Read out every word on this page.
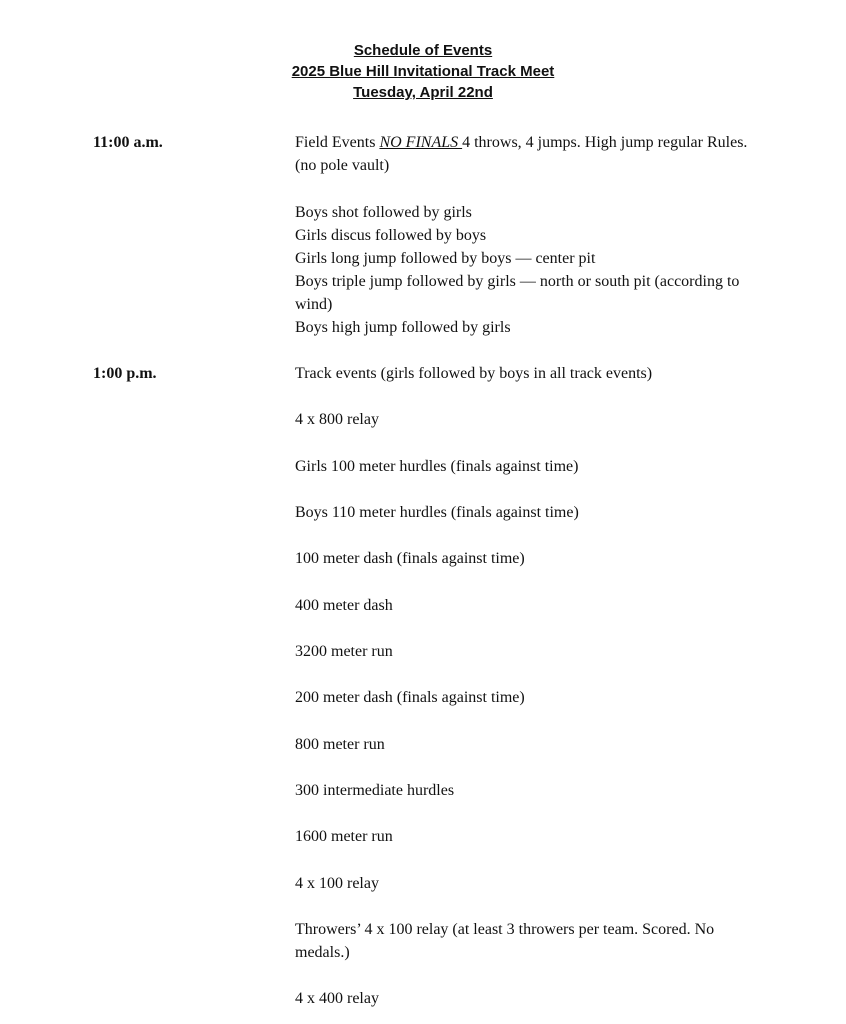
Schedule of Events
2025 Blue Hill Invitational Track Meet
Tuesday, April 22nd
11:00 a.m.	Field Events NO FINALS 4 throws, 4 jumps. High jump regular Rules. (no pole vault)

Boys shot followed by girls

Girls discus followed by boys

Girls long jump followed by boys — center pit

Boys triple jump followed by girls — north or south pit (according to wind)

Boys high jump followed by girls

1:00 p.m.	Track events (girls followed by boys in all track events)
4 x 800 relay
Girls 100 meter hurdles (finals against time)
Boys 110 meter hurdles (finals against time)
100 meter dash (finals against time)
400 meter dash
3200 meter run
200 meter dash (finals against time)
800 meter run
300 intermediate hurdles
1600 meter run
4 x 100 relay
Throwers’ 4 x 100 relay (at least 3 throwers per team. Scored. No medals.)
4 x 400 relay
